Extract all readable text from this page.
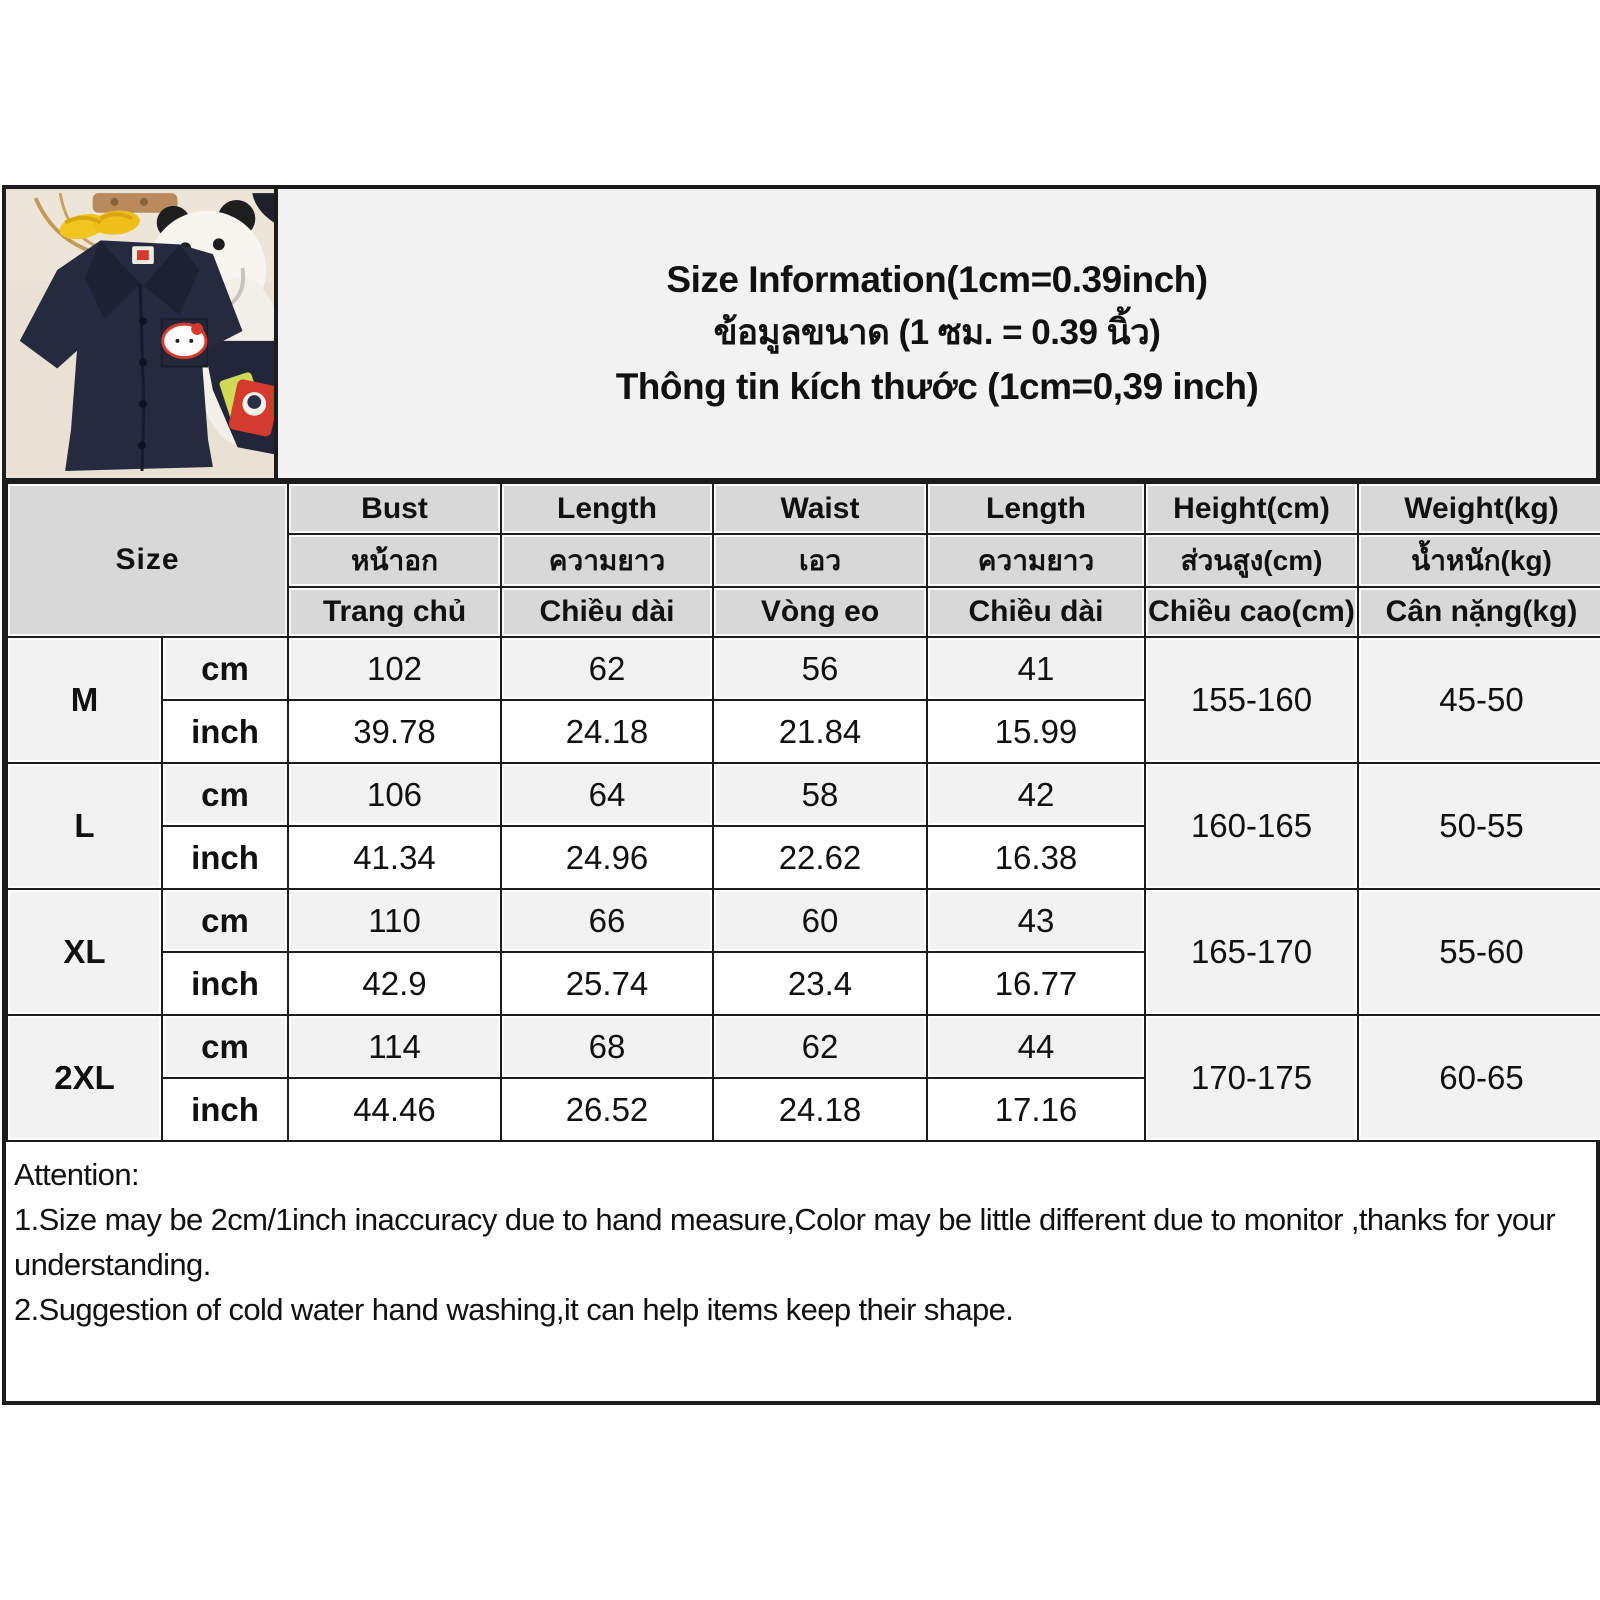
Size Information(1cm=0.39inch)
ข้อมูลขนาด (1 ซม. = 0.39 นิ้ว)
Thông tin kích thước (1cm=0,39 inch)
Size		Bust	Length	Waist	Length	Height(cm)	Weight(kg)
		หน้าอก	ความยาว	เอว	ความยาว	ส่วนสูง(cm)	น้ำหนัก(kg)
		Trang chủ	Chiều dài	Vòng eo	Chiều dài	Chiều cao(cm)	Cân nặng(kg)
M	cm	102	62	56	41	155-160	45-50
	inch	39.78	24.18	21.84	15.99		
L	cm	106	64	58	42	160-165	50-55
	inch	41.34	24.96	22.62	16.38		
XL	cm	110	66	60	43	165-170	55-60
	inch	42.9	25.74	23.4	16.77		
2XL	cm	114	68	62	44	170-175	60-65
	inch	44.46	26.52	24.18	17.16		
Attention:
1.Size may be 2cm/1inch inaccuracy due to hand measure,Color may be little different due to monitor ,thanks for your understanding.
2.Suggestion of cold water hand washing,it can help items keep their shape.
